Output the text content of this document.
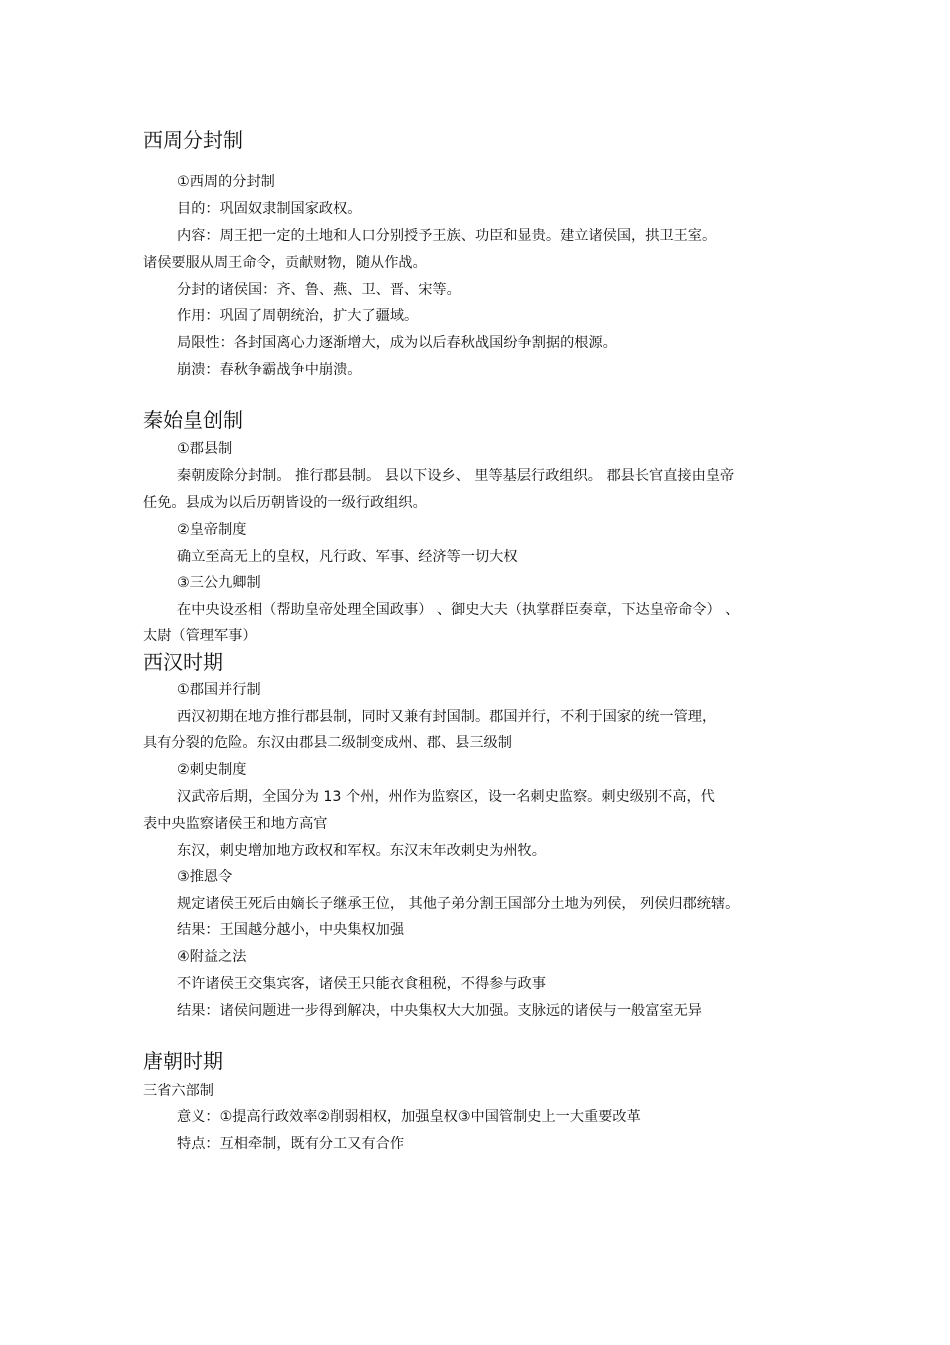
西周分封制
①西周的分封制
目的：巩固奴隶制国家政权。
内容：周王把一定的土地和人口分别授予王族、功臣和显贵。建立诸侯国，拱卫王室。
诸侯要服从周王命令，贡献财物，随从作战。
分封的诸侯国：齐、鲁、燕、卫、晋、宋等。
作用：巩固了周朝统治，扩大了疆域。
局限性：各封国离心力逐渐增大，成为以后春秋战国纷争割据的根源。
崩溃：春秋争霸战争中崩溃。
秦始皇创制
①郡县制
秦朝废除分封制。 推行郡县制。 县以下设乡、 里等基层行政组织。 郡县长官直接由皇帝
任免。县成为以后历朝皆设的一级行政组织。
②皇帝制度
确立至高无上的皇权，凡行政、军事、经济等一切大权
③三公九卿制
在中央设丞相（帮助皇帝处理全国政事） 、御史大夫（执掌群臣奏章，下达皇帝命令） 、
太尉（管理军事）
西汉时期
①郡国并行制
西汉初期在地方推行郡县制，同时又兼有封国制。郡国并行，不利于国家的统一管理，
具有分裂的危险。东汉由郡县二级制变成州、郡、县三级制
②刺史制度
汉武帝后期，全国分为 13 个州，州作为监察区，设一名刺史监察。刺史级别不高，代
表中央监察诸侯王和地方高官
东汉，刺史增加地方政权和军权。东汉末年改刺史为州牧。
③推恩令
规定诸侯王死后由嫡长子继承王位， 其他子弟分割王国部分土地为列侯， 列侯归郡统辖。
结果：王国越分越小，中央集权加强
④附益之法
不许诸侯王交集宾客，诸侯王只能衣食租税，不得参与政事
结果：诸侯问题进一步得到解决，中央集权大大加强。支脉远的诸侯与一般富室无异
唐朝时期
三省六部制
意义：①提高行政效率②削弱相权，加强皇权③中国管制史上一大重要改革
特点：互相牵制，既有分工又有合作
